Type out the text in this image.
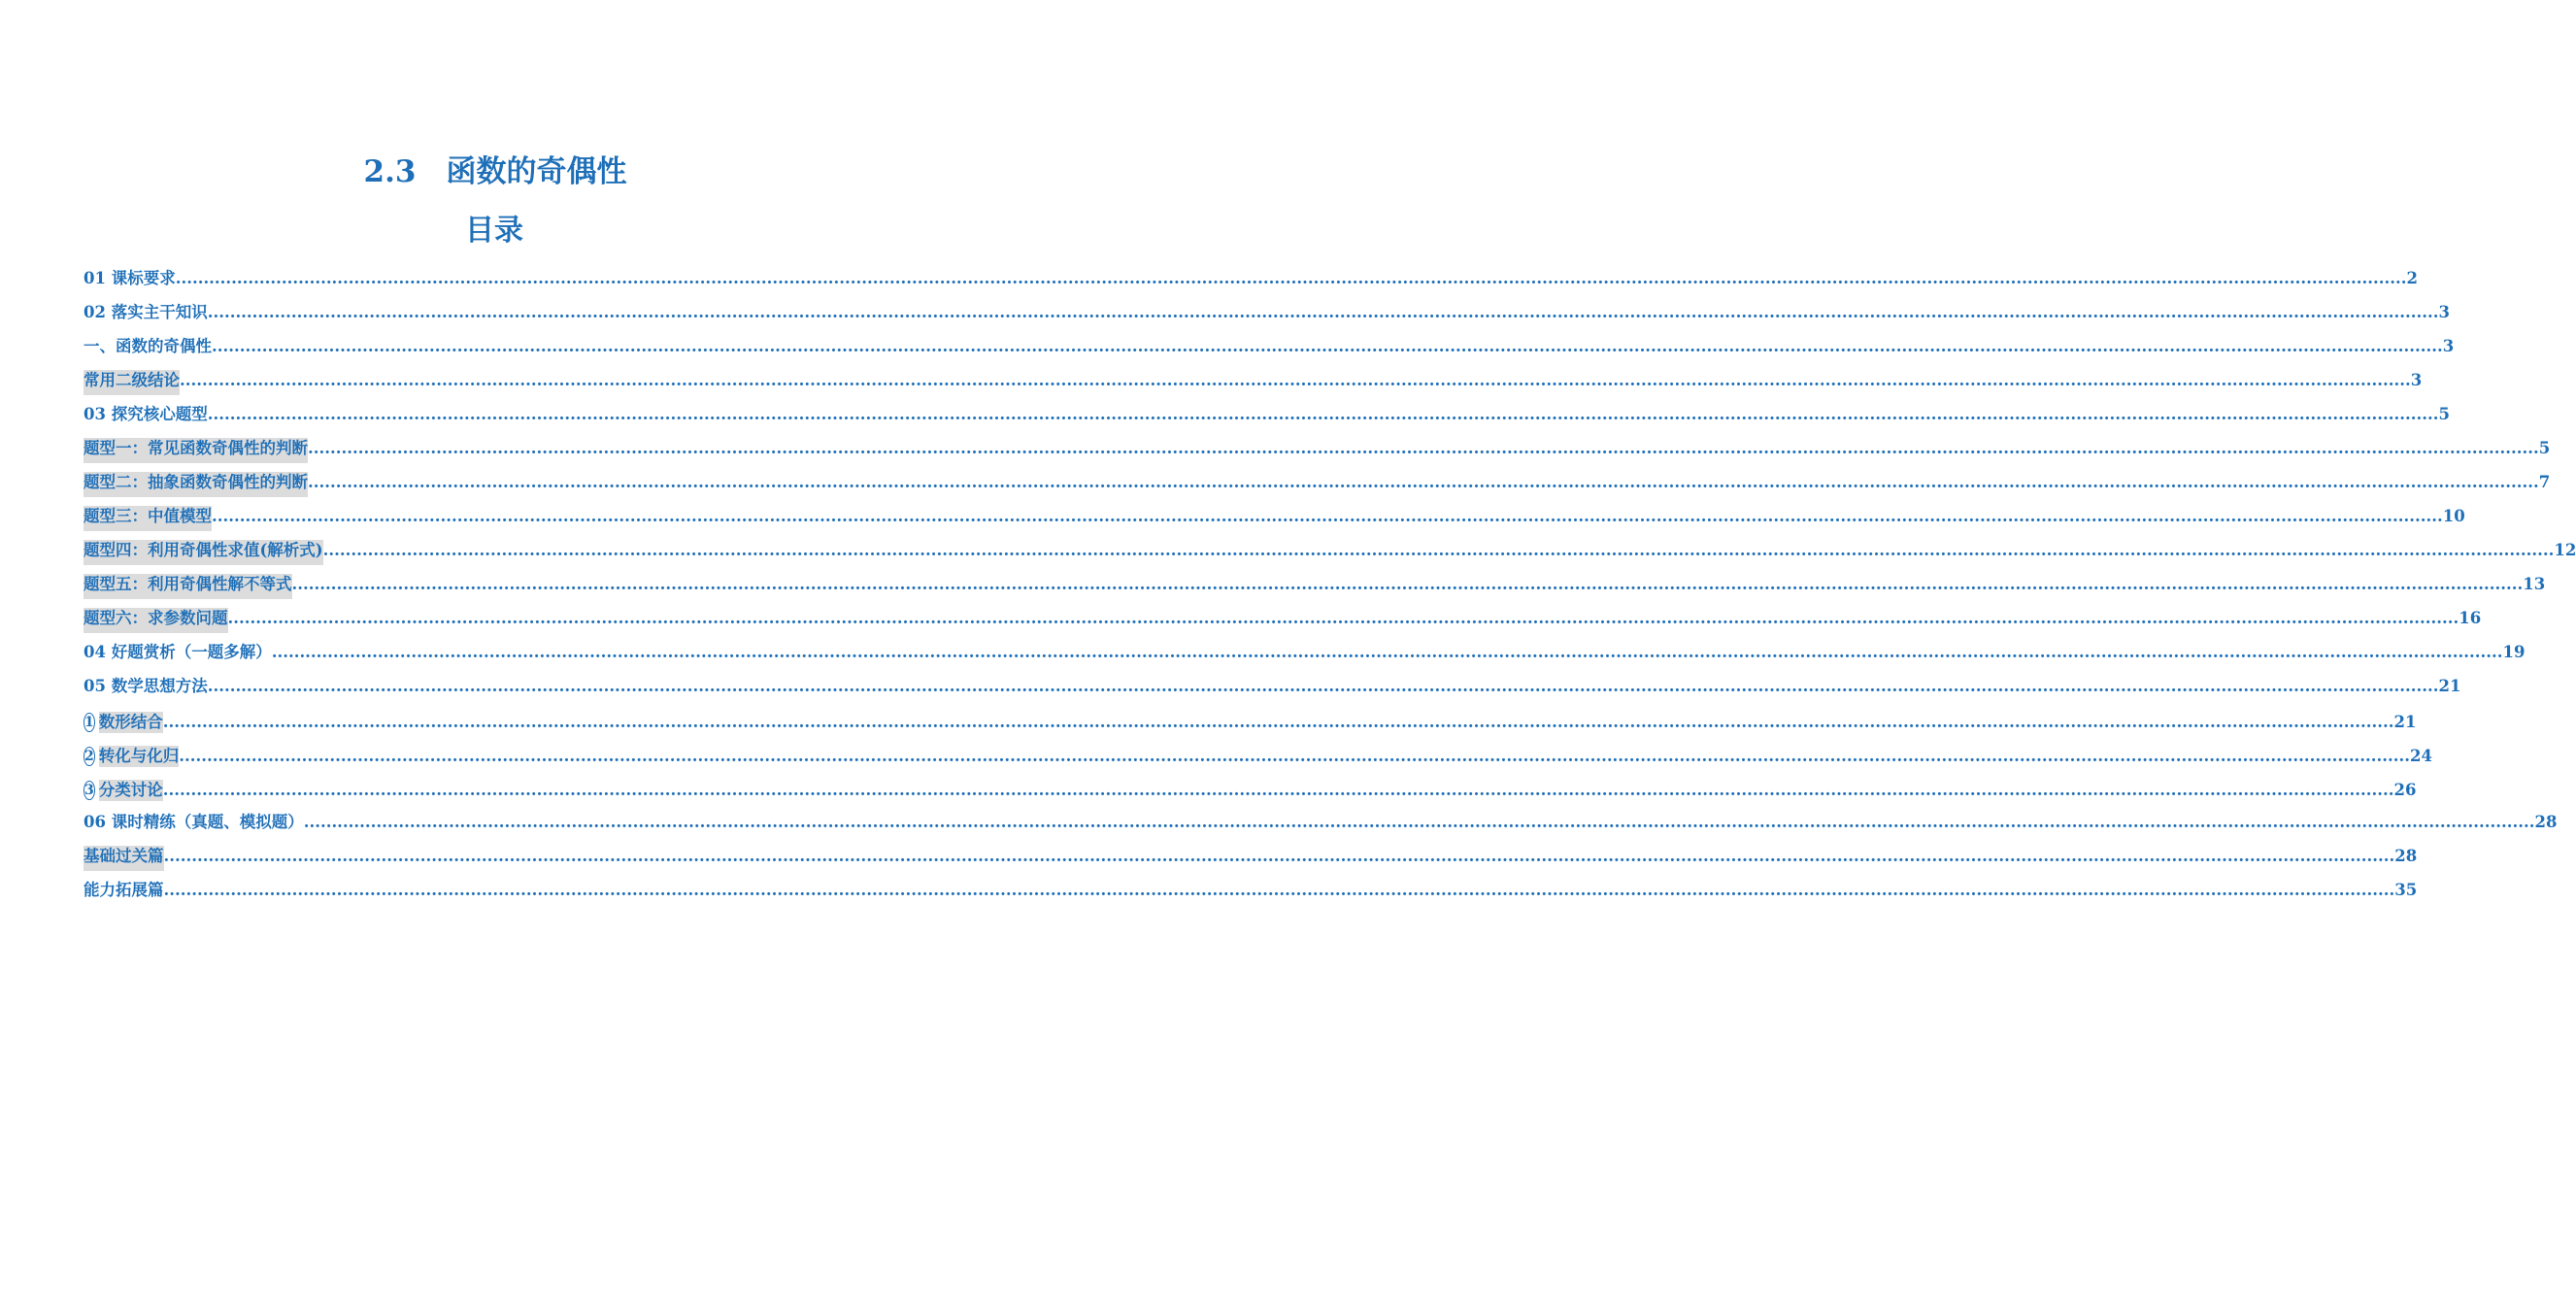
2.3　函数的奇偶性
目录
01 课标要求 ................................................................................................................................................................................................................................................................................................................................................................................................................ 2
02 落实主干知识 ................................................................................................................................................................................................................................................................................................................................................................................................................ 3
一、函数的奇偶性 ................................................................................................................................................................................................................................................................................................................................................................................................................ 3
常用二级结论 ................................................................................................................................................................................................................................................................................................................................................................................................................ 3
03 探究核心题型 ................................................................................................................................................................................................................................................................................................................................................................................................................ 5
题型一：常见函数奇偶性的判断 ................................................................................................................................................................................................................................................................................................................................................................................................................ 5
题型二：抽象函数奇偶性的判断 ................................................................................................................................................................................................................................................................................................................................................................................................................ 7
题型三：中值模型 ................................................................................................................................................................................................................................................................................................................................................................................................................ 10
题型四：利用奇偶性求值(解析式) ................................................................................................................................................................................................................................................................................................................................................................................................................ 12
题型五：利用奇偶性解不等式 ................................................................................................................................................................................................................................................................................................................................................................................................................ 13
题型六：求参数问题 ................................................................................................................................................................................................................................................................................................................................................................................................................ 16
04 好题赏析（一题多解） ................................................................................................................................................................................................................................................................................................................................................................................................................ 19
05 数学思想方法 ................................................................................................................................................................................................................................................................................................................................................................................................................ 21
1 数形结合 ................................................................................................................................................................................................................................................................................................................................................................................................................ 21
2 转化与化归 ................................................................................................................................................................................................................................................................................................................................................................................................................ 24
3 分类讨论 ................................................................................................................................................................................................................................................................................................................................................................................................................ 26
06 课时精练（真题、模拟题） ................................................................................................................................................................................................................................................................................................................................................................................................................ 28
基础过关篇 ................................................................................................................................................................................................................................................................................................................................................................................................................ 28
能力拓展篇 ................................................................................................................................................................................................................................................................................................................................................................................................................ 35
